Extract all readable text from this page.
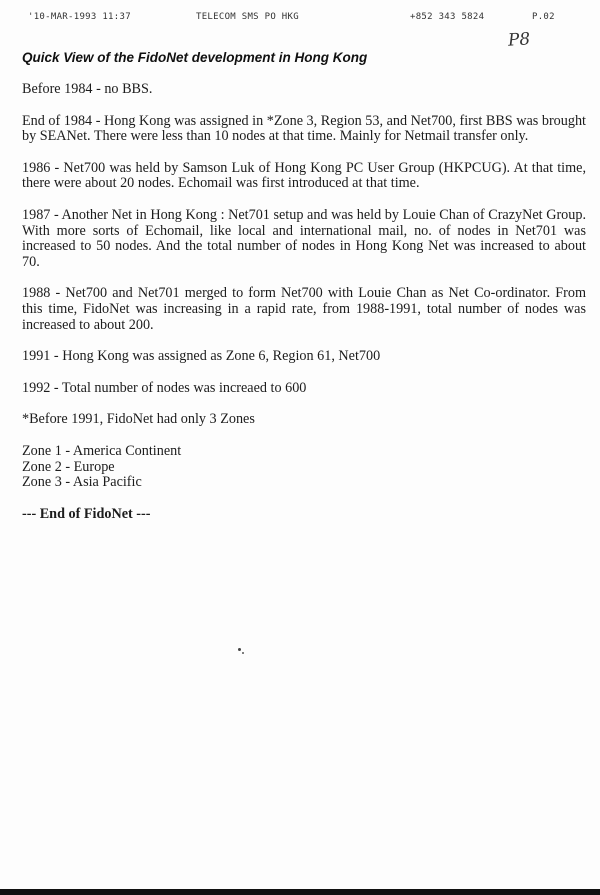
'10-MAR-1993 11:37	TELECOM SMS PO HKG	+852 343 5824	P.02
P8
Quick View of the FidoNet development in Hong Kong

Before 1984 - no BBS.

End of 1984 - Hong Kong was assigned in *Zone 3, Region 53, and Net700, first BBS was brought by SEANet. There were less than 10 nodes at that time. Mainly for Netmail transfer only.

1986 - Net700 was held by Samson Luk of Hong Kong PC User Group (HKPCUG). At that time, there were about 20 nodes. Echomail was first introduced at that time.

1987 - Another Net in Hong Kong : Net701 setup and was held by Louie Chan of CrazyNet Group. With more sorts of Echomail, like local and international mail, no. of nodes in Net701 was increased to 50 nodes. And the total number of nodes in Hong Kong Net was increased to about 70.

1988 - Net700 and Net701 merged to form Net700 with Louie Chan as Net Co-ordinator. From this time, FidoNet was increasing in a rapid rate, from 1988-1991, total number of nodes was increased to about 200.

1991 - Hong Kong was assigned as Zone 6, Region 61, Net700

1992 - Total number of nodes was increaed to 600

*Before 1991, FidoNet had only 3 Zones

Zone 1 - America Continent
Zone 2 - Europe
Zone 3 - Asia Pacific
--- End of FidoNet ---
